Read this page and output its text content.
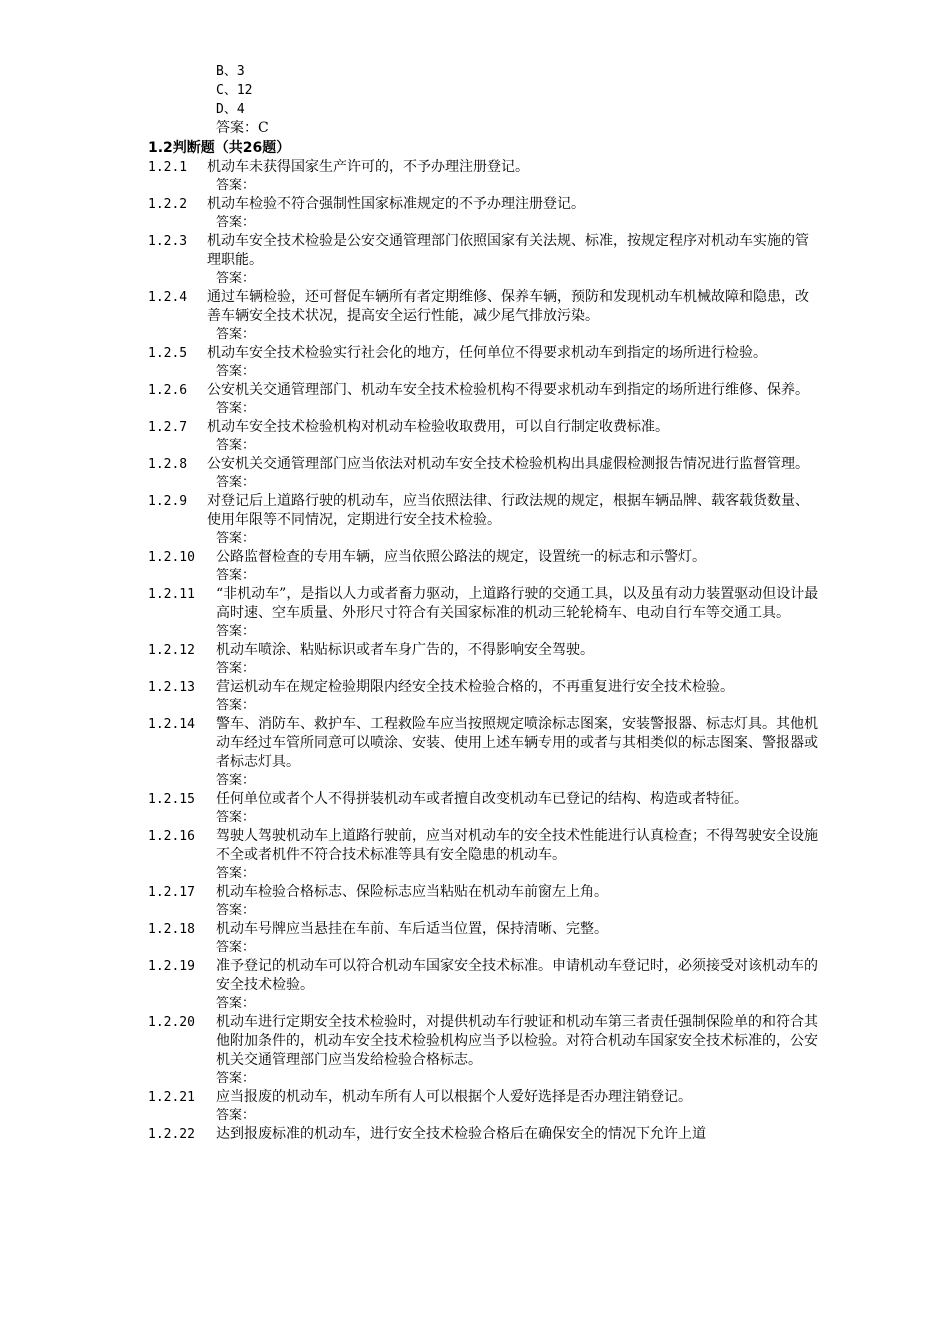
B、3
C、12
D、4
答案：C
1.2判断题（共26题）
1.2.1 机动车未获得国家生产许可的，不予办理注册登记。
答案：
1.2.2 机动车检验不符合强制性国家标准规定的不予办理注册登记。
答案：
1.2.3 机动车安全技术检验是公安交通管理部门依照国家有关法规、标准，按规定程序对机动车实施的管理职能。
答案：
1.2.4 通过车辆检验，还可督促车辆所有者定期维修、保养车辆，预防和发现机动车机械故障和隐患，改善车辆安全技术状况，提高安全运行性能，减少尾气排放污染。
答案：
1.2.5 机动车安全技术检验实行社会化的地方，任何单位不得要求机动车到指定的场所进行检验。
答案：
1.2.6 公安机关交通管理部门、机动车安全技术检验机构不得要求机动车到指定的场所进行维修、保养。
答案：
1.2.7 机动车安全技术检验机构对机动车检验收取费用，可以自行制定收费标准。
答案：
1.2.8 公安机关交通管理部门应当依法对机动车安全技术检验机构出具虚假检测报告情况进行监督管理。
答案：
1.2.9 对登记后上道路行驶的机动车，应当依照法律、行政法规的规定，根据车辆品牌、载客载货数量、使用年限等不同情况，定期进行安全技术检验。
答案：
1.2.10 公路监督检查的专用车辆，应当依照公路法的规定，设置统一的标志和示警灯。
答案：
1.2.11 “非机动车”，是指以人力或者畜力驱动，上道路行驶的交通工具，以及虽有动力装置驱动但设计最高时速、空车质量、外形尺寸符合有关国家标准的机动三轮轮椅车、电动自行车等交通工具。
答案：
1.2.12 机动车喷涂、粘贴标识或者车身广告的，不得影响安全驾驶。
答案：
1.2.13 营运机动车在规定检验期限内经安全技术检验合格的，不再重复进行安全技术检验。
答案：
1.2.14 警车、消防车、救护车、工程救险车应当按照规定喷涂标志图案，安装警报器、标志灯具。其他机动车经过车管所同意可以喷涂、安装、使用上述车辆专用的或者与其相类似的标志图案、警报器或者标志灯具。
答案：
1.2.15 任何单位或者个人不得拼装机动车或者擅自改变机动车已登记的结构、构造或者特征。
答案：
1.2.16 驾驶人驾驶机动车上道路行驶前，应当对机动车的安全技术性能进行认真检查；不得驾驶安全设施不全或者机件不符合技术标准等具有安全隐患的机动车。
答案：
1.2.17 机动车检验合格标志、保险标志应当粘贴在机动车前窗左上角。
答案：
1.2.18 机动车号牌应当悬挂在车前、车后适当位置，保持清晰、完整。
答案：
1.2.19 准予登记的机动车可以符合机动车国家安全技术标准。申请机动车登记时，必须接受对该机动车的安全技术检验。
答案：
1.2.20 机动车进行定期安全技术检验时，对提供机动车行驶证和机动车第三者责任强制保险单的和符合其他附加条件的，机动车安全技术检验机构应当予以检验。对符合机动车国家安全技术标准的，公安机关交通管理部门应当发给检验合格标志。
答案：
1.2.21 应当报废的机动车，机动车所有人可以根据个人爱好选择是否办理注销登记。
答案：
1.2.22 达到报废标准的机动车，进行安全技术检验合格后在确保安全的情况下允许上道
